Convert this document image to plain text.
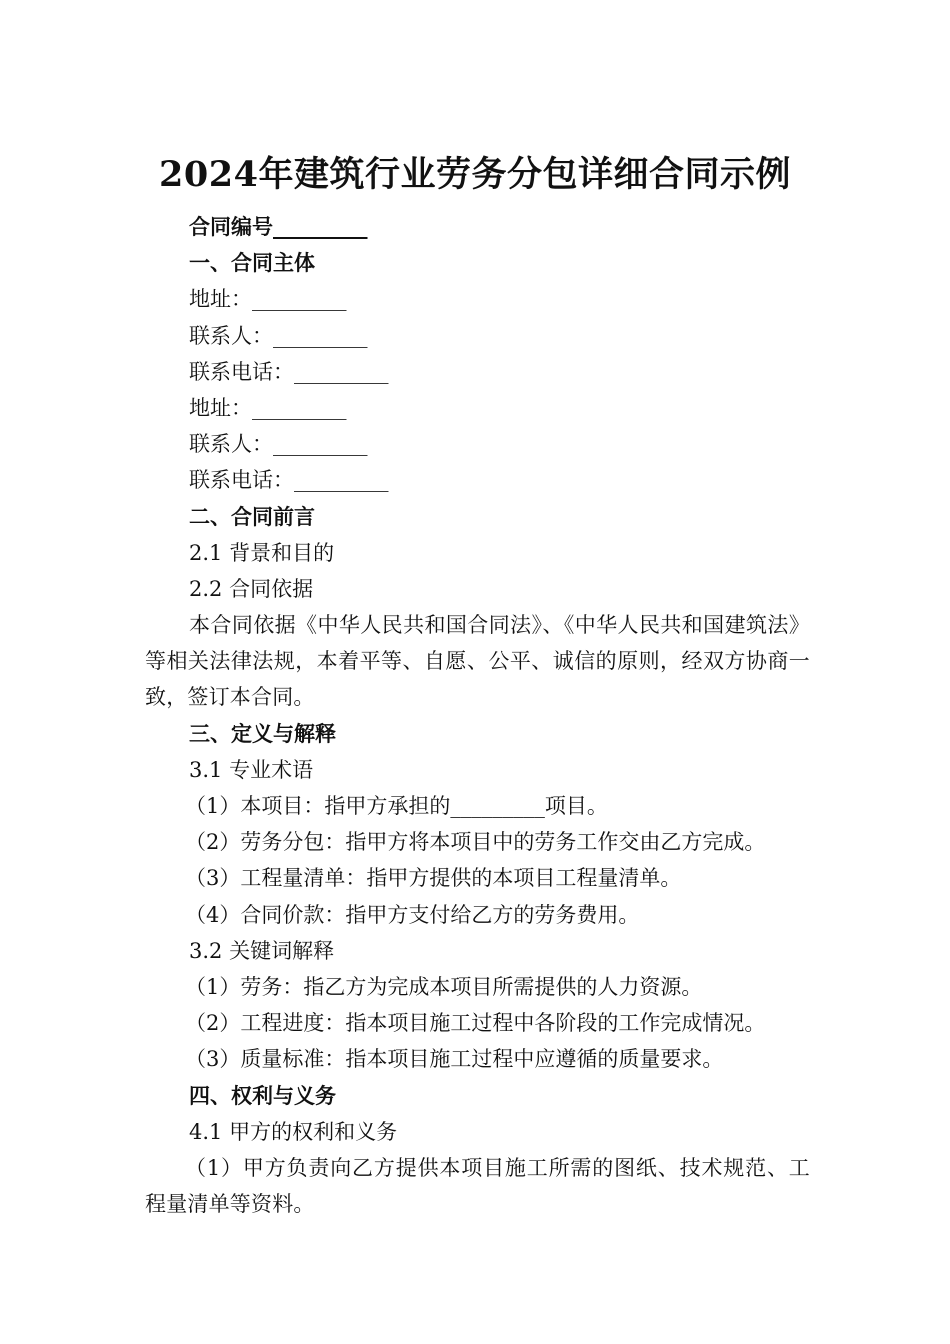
2024年建筑行业劳务分包详细合同示例
合同编号_________
一、合同主体
地址：_________
联系人：_________
联系电话：_________
地址：_________
联系人：_________
联系电话：_________
二、合同前言
2.1 背景和目的
2.2 合同依据
本合同依据《中华人民共和国合同法》、《中华人民共和国建筑法》等相关法律法规，本着平等、自愿、公平、诚信的原则，经双方协商一致，签订本合同。
三、定义与解释
3.1 专业术语
（1）本项目：指甲方承担的_________项目。
（2）劳务分包：指甲方将本项目中的劳务工作交由乙方完成。
（3）工程量清单：指甲方提供的本项目工程量清单。
（4）合同价款：指甲方支付给乙方的劳务费用。
3.2 关键词解释
（1）劳务：指乙方为完成本项目所需提供的人力资源。
（2）工程进度：指本项目施工过程中各阶段的工作完成情况。
（3）质量标准：指本项目施工过程中应遵循的质量要求。
四、权利与义务
4.1 甲方的权利和义务
（1）甲方负责向乙方提供本项目施工所需的图纸、技术规范、工程量清单等资料。
